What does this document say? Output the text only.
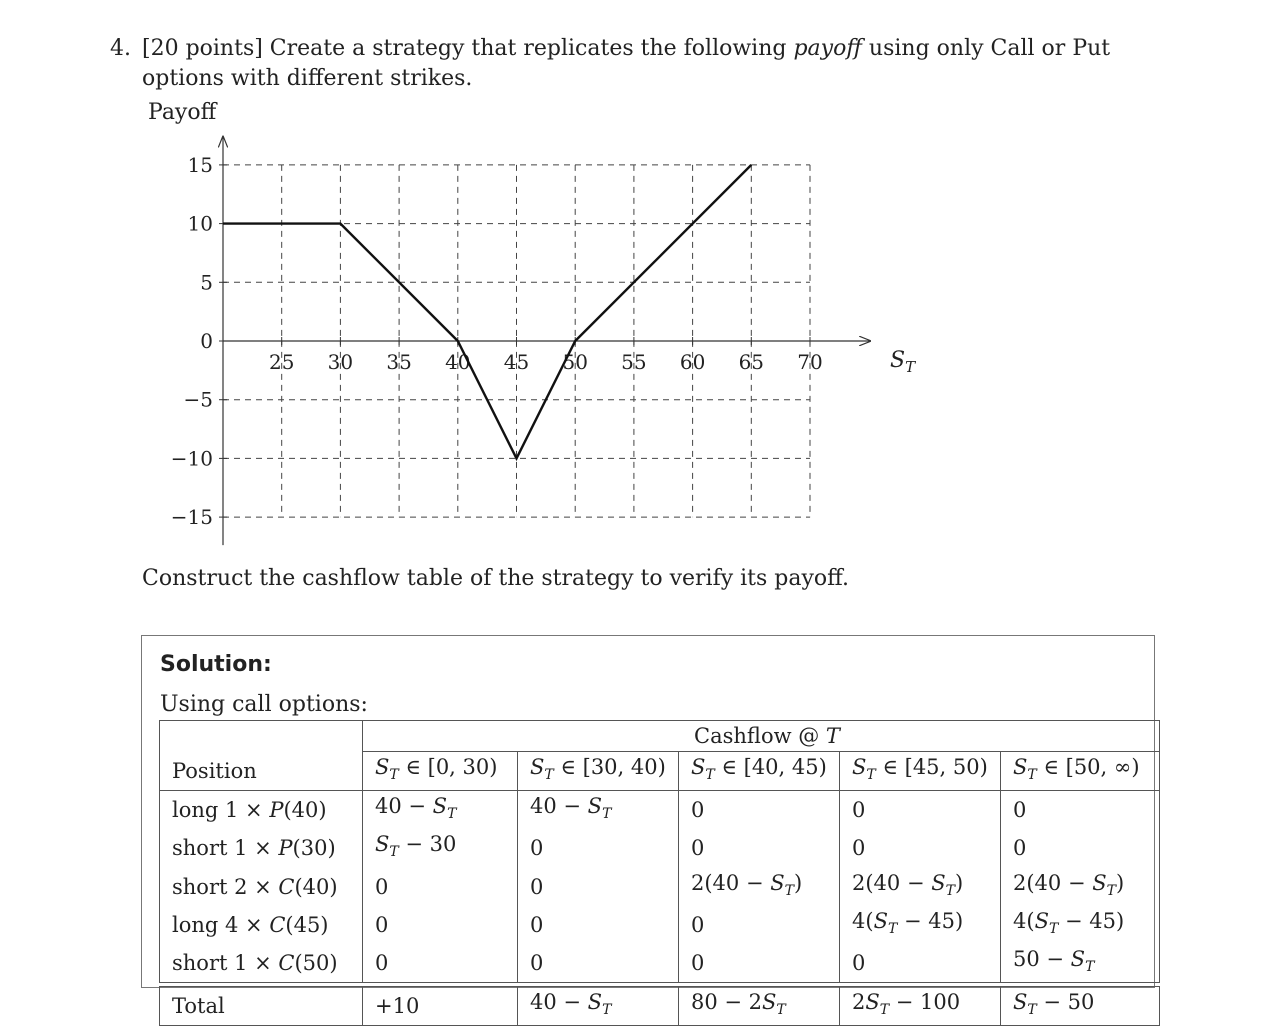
4. [20 points] Create a strategy that replicates the following payoff using only Call or Put options with different strikes.
Payoff
25 30 35 40 45 50 55 60 65 70
15
10
5
0
−5
−10
−15
$S_T$
Construct the cashflow table of the strategy to verify its payoff.
Solution:
Using call options:
	Cashflow @ T				
Position	$S_T$ ∈ [0, 30)	$S_T$ ∈ [30, 40)	$S_T$ ∈ [40, 45)	$S_T$ ∈ [45, 50)	$S_T$ ∈ [50, ∞)
long 1 × P(40)	$40 - S_T$	$40 - S_T$	0	0	0
short 1 × P(30)	$S_T - 30$	0	0	0	0
short 2 × C(40)	0	0	$2(40 - S_T)$	$2(40 - S_T)$	$2(40 - S_T)$
long 4 × C(45)	0	0	0	$4(S_T - 45)$	$4(S_T - 45)$
short 1 × C(50)	0	0	0	0	$50 - S_T$

Total	+10	$40 - S_T$	$80 - 2S_T$	$2S_T - 100$	$S_T - 50$
